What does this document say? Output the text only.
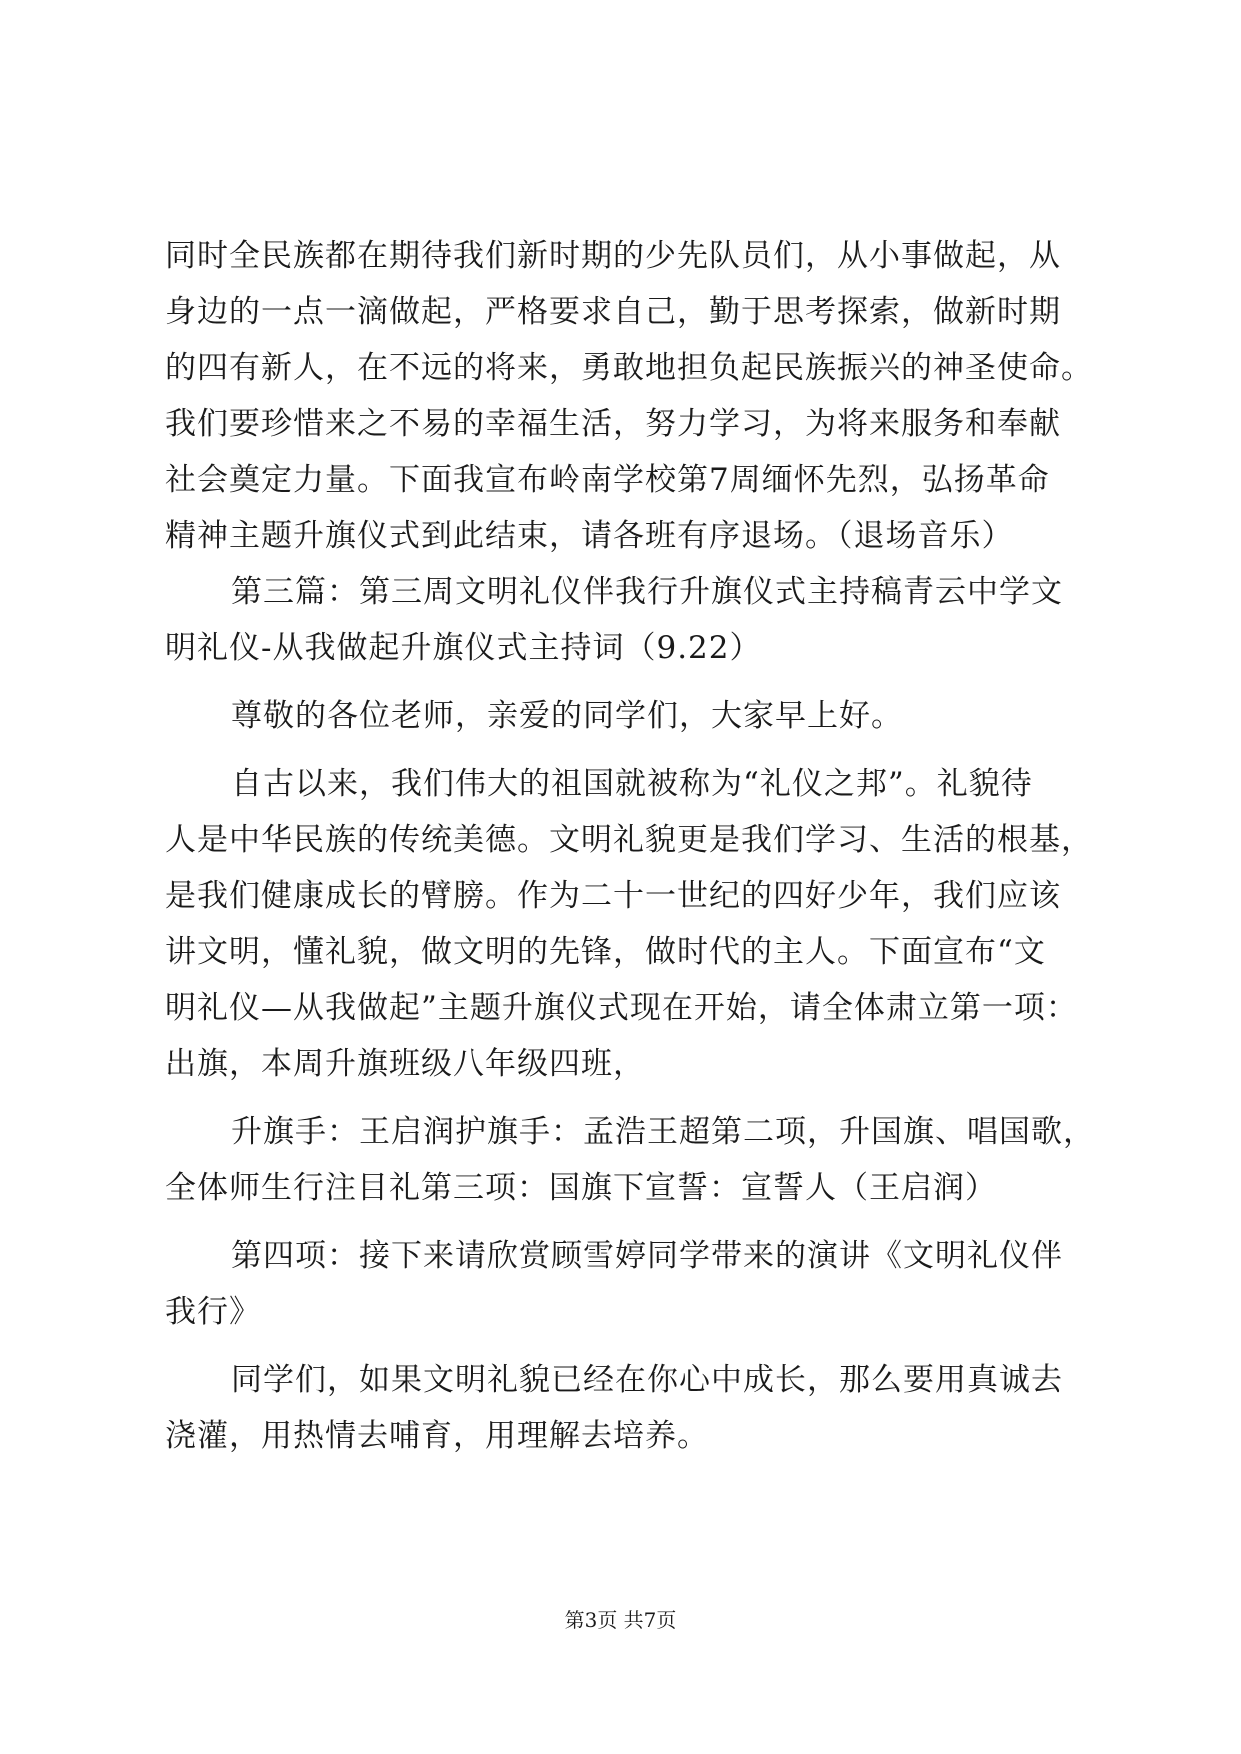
同时全民族都在期待我们新时期的少先队员们，从小事做起，从
身边的一点一滴做起，严格要求自己，勤于思考探索，做新时期
的四有新人，在不远的将来，勇敢地担负起民族振兴的神圣使命。
我们要珍惜来之不易的幸福生活，努力学习，为将来服务和奉献
社会奠定力量。下面我宣布岭南学校第7周缅怀先烈，弘扬革命
精神主题升旗仪式到此结束，请各班有序退场。（退场音乐）
第三篇：第三周文明礼仪伴我行升旗仪式主持稿青云中学文
明礼仪-从我做起升旗仪式主持词（9.22）
尊敬的各位老师，亲爱的同学们，大家早上好。
自古以来，我们伟大的祖国就被称为“礼仪之邦”。礼貌待
人是中华民族的传统美德。文明礼貌更是我们学习、生活的根基，
是我们健康成长的臂膀。作为二十一世纪的四好少年，我们应该
讲文明，懂礼貌，做文明的先锋，做时代的主人。下面宣布“文
明礼仪—从我做起”主题升旗仪式现在开始，请全体肃立第一项：
出旗，本周升旗班级八年级四班，
升旗手：王启润护旗手：孟浩王超第二项，升国旗、唱国歌，
全体师生行注目礼第三项：国旗下宣誓：宣誓人（王启润）
第四项：接下来请欣赏顾雪婷同学带来的演讲《文明礼仪伴
我行》
同学们，如果文明礼貌已经在你心中成长，那么要用真诚去
浇灌，用热情去哺育，用理解去培养。
第3页 共7页
